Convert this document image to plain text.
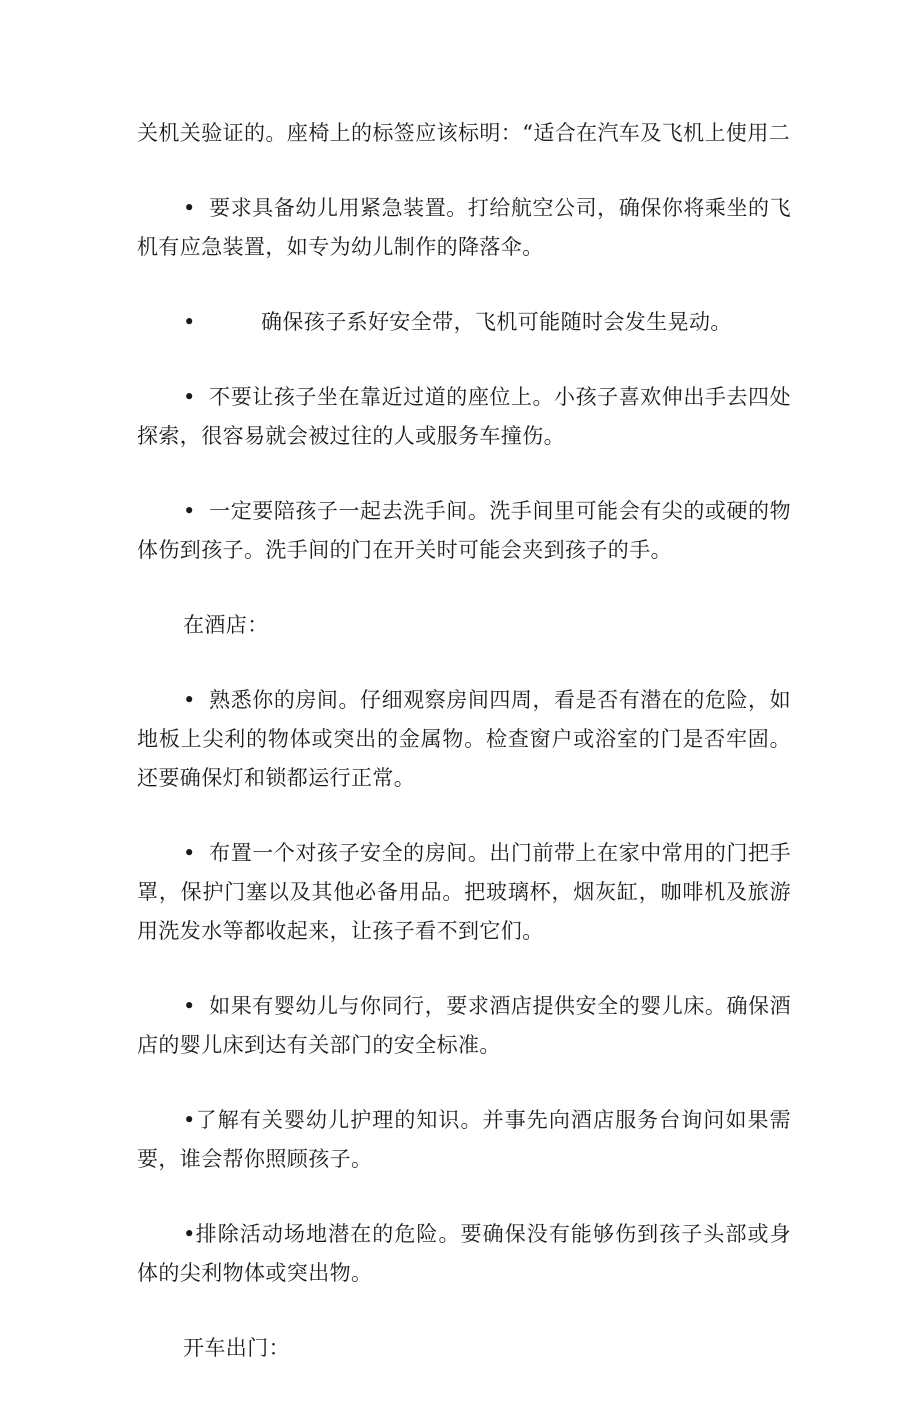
关机关验证的。座椅上的标签应该标明：“适合在汽车及飞机上使用二

• 要求具备幼儿用紧急装置。打给航空公司，确保你将乘坐的飞机有应急装置，如专为幼儿制作的降落伞。

•	确保孩子系好安全带，飞机可能随时会发生晃动。

• 不要让孩子坐在靠近过道的座位上。小孩子喜欢伸出手去四处探索，很容易就会被过往的人或服务车撞伤。

• 一定要陪孩子一起去洗手间。洗手间里可能会有尖的或硬的物体伤到孩子。洗手间的门在开关时可能会夹到孩子的手。

在酒店：

• 熟悉你的房间。仔细观察房间四周，看是否有潜在的危险，如地板上尖利的物体或突出的金属物。检查窗户或浴室的门是否牢固。还要确保灯和锁都运行正常。

• 布置一个对孩子安全的房间。出门前带上在家中常用的门把手罩，保护门塞以及其他必备用品。把玻璃杯，烟灰缸，咖啡机及旅游用洗发水等都收起来，让孩子看不到它们。

• 如果有婴幼儿与你同行，要求酒店提供安全的婴儿床。确保酒店的婴儿床到达有关部门的安全标准。

•了解有关婴幼儿护理的知识。并事先向酒店服务台询问如果需要，谁会帮你照顾孩子。

•排除活动场地潜在的危险。要确保没有能够伤到孩子头部或身体的尖利物体或突出物。

开车出门：
